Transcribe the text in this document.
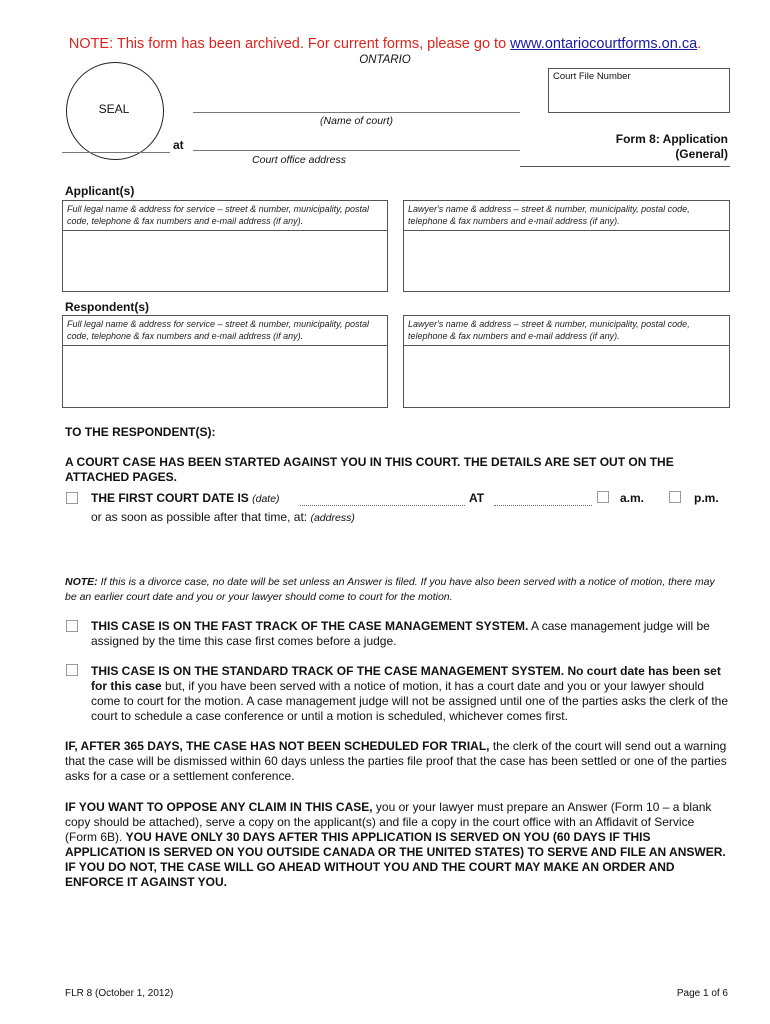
NOTE: This form has been archived. For current forms, please go to www.ontariocourtforms.on.ca.
ONTARIO
SEAL
Court File Number
(Name of court)
at
Court office address
Form 8: Application
(General)
Applicant(s)
Full legal name & address for service – street & number, municipality, postal code, telephone & fax numbers and e-mail address (if any).
Lawyer's name & address – street & number, municipality, postal code, telephone & fax numbers and e-mail address (if any).
Respondent(s)
Full legal name & address for service – street & number, municipality, postal code, telephone & fax numbers and e-mail address (if any).
Lawyer's name & address – street & number, municipality, postal code, telephone & fax numbers and e-mail address (if any).
TO THE RESPONDENT(S):
A COURT CASE HAS BEEN STARTED AGAINST YOU IN THIS COURT. THE DETAILS ARE SET OUT ON THE ATTACHED PAGES.
THE FIRST COURT DATE IS (date)	AT	a.m.	p.m.
or as soon as possible after that time, at: (address)
NOTE: If this is a divorce case, no date will be set unless an Answer is filed. If you have also been served with a notice of motion, there may be an earlier court date and you or your lawyer should come to court for the motion.
THIS CASE IS ON THE FAST TRACK OF THE CASE MANAGEMENT SYSTEM. A case management judge will be assigned by the time this case first comes before a judge.
THIS CASE IS ON THE STANDARD TRACK OF THE CASE MANAGEMENT SYSTEM. No court date has been set for this case but, if you have been served with a notice of motion, it has a court date and you or your lawyer should come to court for the motion. A case management judge will not be assigned until one of the parties asks the clerk of the court to schedule a case conference or until a motion is scheduled, whichever comes first.
IF, AFTER 365 DAYS, THE CASE HAS NOT BEEN SCHEDULED FOR TRIAL, the clerk of the court will send out a warning that the case will be dismissed within 60 days unless the parties file proof that the case has been settled or one of the parties asks for a case or a settlement conference.
IF YOU WANT TO OPPOSE ANY CLAIM IN THIS CASE, you or your lawyer must prepare an Answer (Form 10 – a blank copy should be attached), serve a copy on the applicant(s) and file a copy in the court office with an Affidavit of Service (Form 6B). YOU HAVE ONLY 30 DAYS AFTER THIS APPLICATION IS SERVED ON YOU (60 DAYS IF THIS APPLICATION IS SERVED ON YOU OUTSIDE CANADA OR THE UNITED STATES) TO SERVE AND FILE AN ANSWER. IF YOU DO NOT, THE CASE WILL GO AHEAD WITHOUT YOU AND THE COURT MAY MAKE AN ORDER AND ENFORCE IT AGAINST YOU.
FLR 8 (October 1, 2012)	Page 1 of 6
